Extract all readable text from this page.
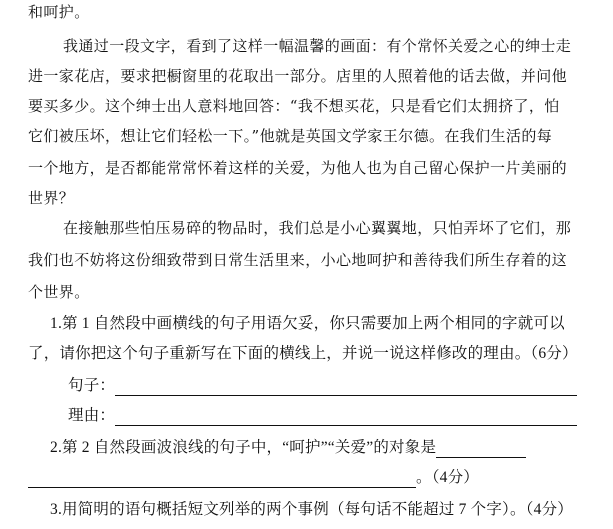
和呵护。
我通过一段文字，看到了这样一幅温馨的画面：有个常怀关爱之心的绅士走
进一家花店，要求把橱窗里的花取出一部分。店里的人照着他的话去做，并问他
要买多少。这个绅士出人意料地回答：“我不想买花，只是看它们太拥挤了，怕
它们被压坏，想让它们轻松一下。”他就是英国文学家王尔德。在我们生活的每
一个地方，是否都能常常怀着这样的关爱，为他人也为自己留心保护一片美丽的
世界？
在接触那些怕压易碎的物品时，我们总是小心翼翼地，只怕弄坏了它们，那
我们也不妨将这份细致带到日常生活里来，小心地呵护和善待我们所生存着的这
个世界。
1.第 1 自然段中画横线的句子用语欠妥，你只需要加上两个相同的字就可以
了，请你把这个句子重新写在下面的横线上，并说一说这样修改的理由。（6分）
句子：
理由：
2.第 2 自然段画波浪线的句子中，“呵护”“关爱”的对象是
。（4分）
3.用简明的语句概括短文列举的两个事例（每句话不能超过 7 个字）。（4分）
